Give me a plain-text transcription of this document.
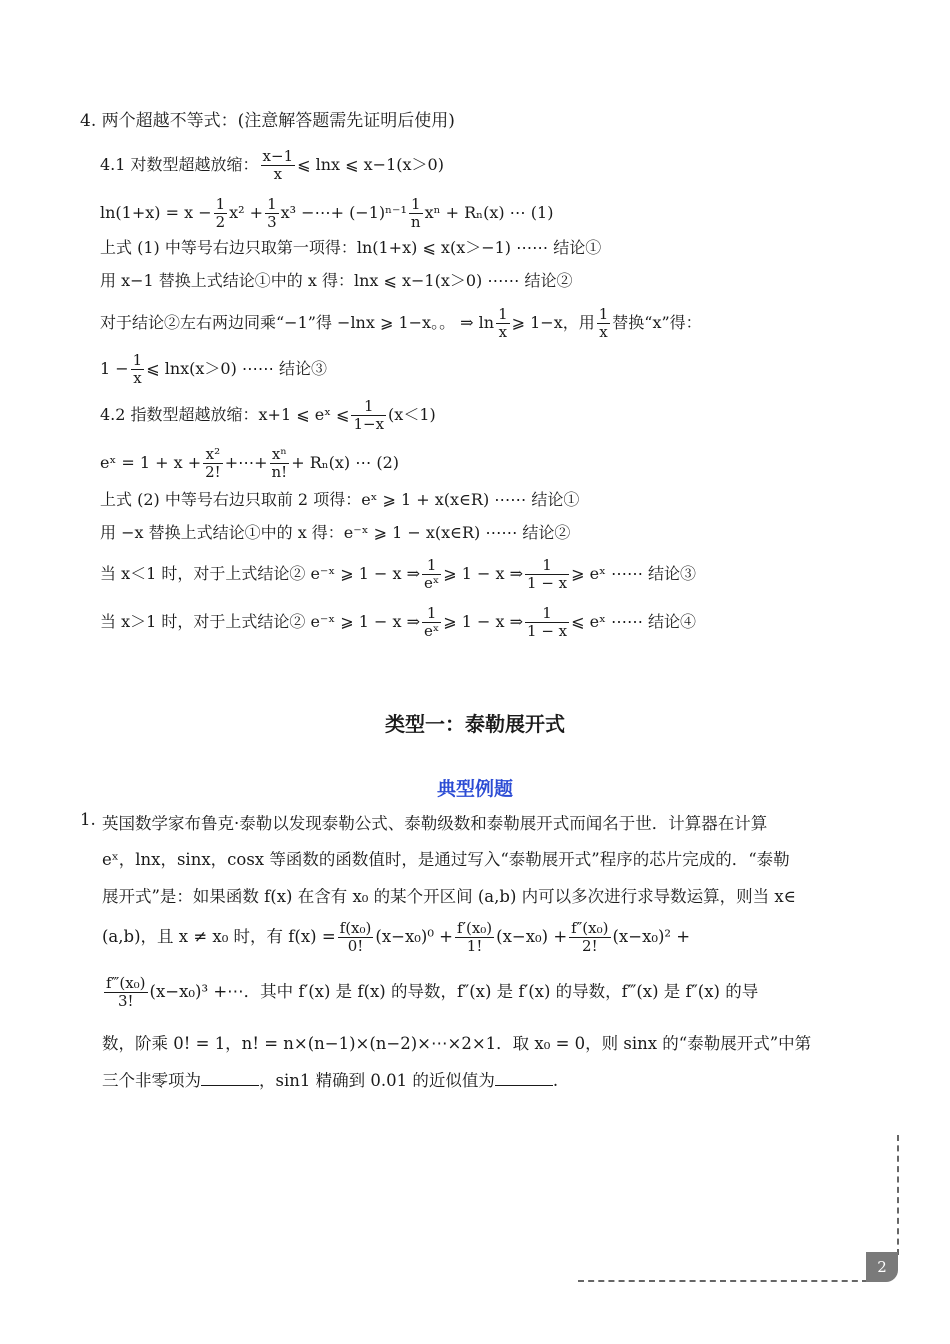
4. 两个超越不等式：(注意解答题需先证明后使用)
4.1 对数型超越放缩： $\frac{x-1}{x}$ ⩽ lnx ⩽ x−1(x＞0)
$\ln(1+x) = x - \frac{1}{2} x^2 + \frac{1}{3} x^3$ −⋯+ $(-1)^{n-1} \frac{1}{n}$ xⁿ + Rₙ(x) ⋯ (1)
上式 (1) 中等号右边只取第一项得：ln(1+x) ⩽ x(x＞−1) ⋯⋯ 结论①
用 x−1 替换上式结论①中的 x 得：lnx ⩽ x−1(x＞0) ⋯⋯ 结论②
对于结论②左右两边同乘“−1”得 −lnx ⩾ 1−x。。 ⇒ $\ln \frac{1}{x}$ ⩾ 1−x，用 $\frac{1}{x}$ 替换“x”得：
$1 - \frac{1}{x}$ ⩽ lnx(x＞0) ⋯⋯ 结论③
4.2 指数型超越放缩：x+1 ⩽ eˣ ⩽ $\frac{1}{1-x} (x<1)$
eˣ = $1 + x + \frac{\text{x²}}{2!}$ +⋯+ $\frac{\text{xⁿ}}{n!} + R_n(x)$ ⋯ (2)
上式 (2) 中等号右边只取前 2 项得：eˣ ⩾ 1 + x(x∈R) ⋯⋯ 结论①
用 −x 替换上式结论①中的 x 得：e⁻ˣ ⩾ 1 − x(x∈R) ⋯⋯ 结论②
当 x＜1 时，对于上式结论② e⁻ˣ ⩾ 1 − x ⇒ $\frac{1}{\text{eˣ}}$ ⩾ 1 − x ⇒ $\frac{1}{1 - x}$ ⩾ eˣ ⋯⋯ 结论③
当 x＞1 时，对于上式结论② e⁻ˣ ⩾ 1 − x ⇒ $\frac{1}{\text{eˣ}}$ ⩾ 1 − x ⇒ $\frac{1}{1 - x}$ ⩽ eˣ ⋯⋯ 结论④
类型一：泰勒展开式
典型例题
1. 英国数学家布鲁克·泰勒以发现泰勒公式、泰勒级数和泰勒展开式而闻名于世．计算器在计算
eˣ，lnx，sinx，cosx 等函数的函数值时，是通过写入“泰勒展开式”程序的芯片完成的．“泰勒
展开式”是：如果函数 f(x) 在含有 x₀ 的某个开区间 (a,b) 内可以多次进行求导数运算，则当 x∈
(a,b)，且 x ≠ x₀ 时，有 $f(x) = \frac{\text{f(x₀)}}{0!} (x-x_0)^0 + \frac{\text{f′(x₀)}}{1!} (x-x_0) + \frac{\text{f″(x₀)}}{2!} (x-x_0)^2$ +
$\frac{\text{f‴(x₀)}}{3!} (x-x_0)^3$ +⋯．其中 f′(x) 是 f(x) 的导数，f″(x) 是 f′(x) 的导数，f‴(x) 是 f″(x) 的导
数，阶乘 0! = 1，n! = n×(n−1)×(n−2)×⋯×2×1．取 x₀ = 0，则 sinx 的“泰勒展开式”中第
三个非零项为	，sin1 精确到 0.01 的近似值为	.
2
